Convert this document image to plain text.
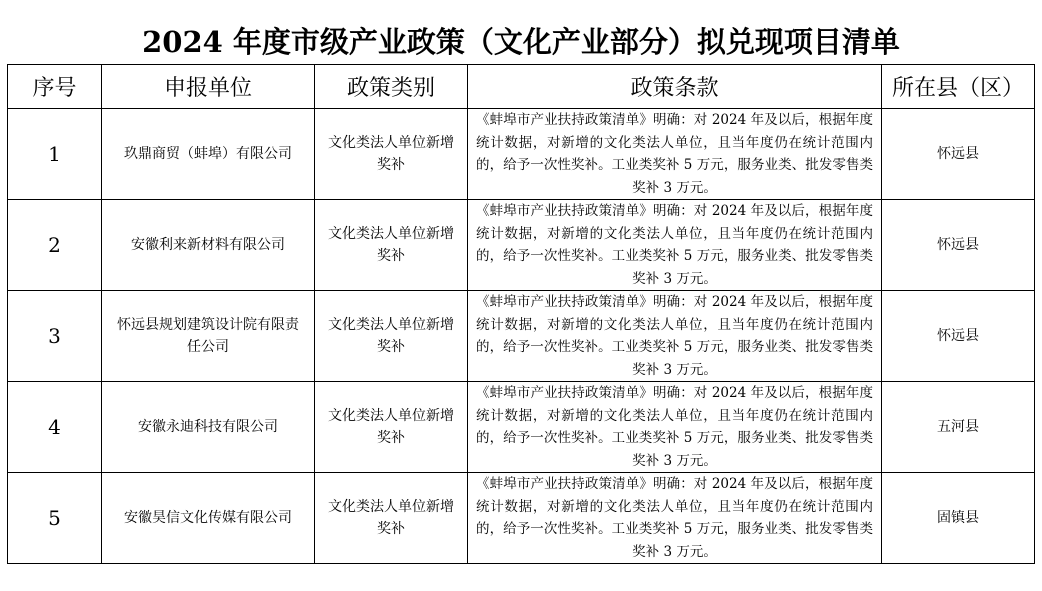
2024 年度市级产业政策（文化产业部分）拟兑现项目清单
序号	申报单位	政策类别	政策条款	所在县（区）
1	玖鼎商贸（蚌埠）有限公司	文化类法人单位新增奖补	《蚌埠市产业扶持政策清单》明确：对 2024 年及以后，根据年度统计数据，对新增的文化类法人单位，且当年度仍在统计范围内的，给予一次性奖补。工业类奖补 5 万元，服务业类、批发零售类奖补 3 万元。	怀远县
2	安徽利来新材料有限公司	文化类法人单位新增奖补	《蚌埠市产业扶持政策清单》明确：对 2024 年及以后，根据年度统计数据，对新增的文化类法人单位，且当年度仍在统计范围内的，给予一次性奖补。工业类奖补 5 万元，服务业类、批发零售类奖补 3 万元。	怀远县
3	怀远县规划建筑设计院有限责任公司	文化类法人单位新增奖补	《蚌埠市产业扶持政策清单》明确：对 2024 年及以后，根据年度统计数据，对新增的文化类法人单位，且当年度仍在统计范围内的，给予一次性奖补。工业类奖补 5 万元，服务业类、批发零售类奖补 3 万元。	怀远县
4	安徽永迪科技有限公司	文化类法人单位新增奖补	《蚌埠市产业扶持政策清单》明确：对 2024 年及以后，根据年度统计数据，对新增的文化类法人单位，且当年度仍在统计范围内的，给予一次性奖补。工业类奖补 5 万元，服务业类、批发零售类奖补 3 万元。	五河县
5	安徽昊信文化传媒有限公司	文化类法人单位新增奖补	《蚌埠市产业扶持政策清单》明确：对 2024 年及以后，根据年度统计数据，对新增的文化类法人单位，且当年度仍在统计范围内的，给予一次性奖补。工业类奖补 5 万元，服务业类、批发零售类奖补 3 万元。	固镇县
